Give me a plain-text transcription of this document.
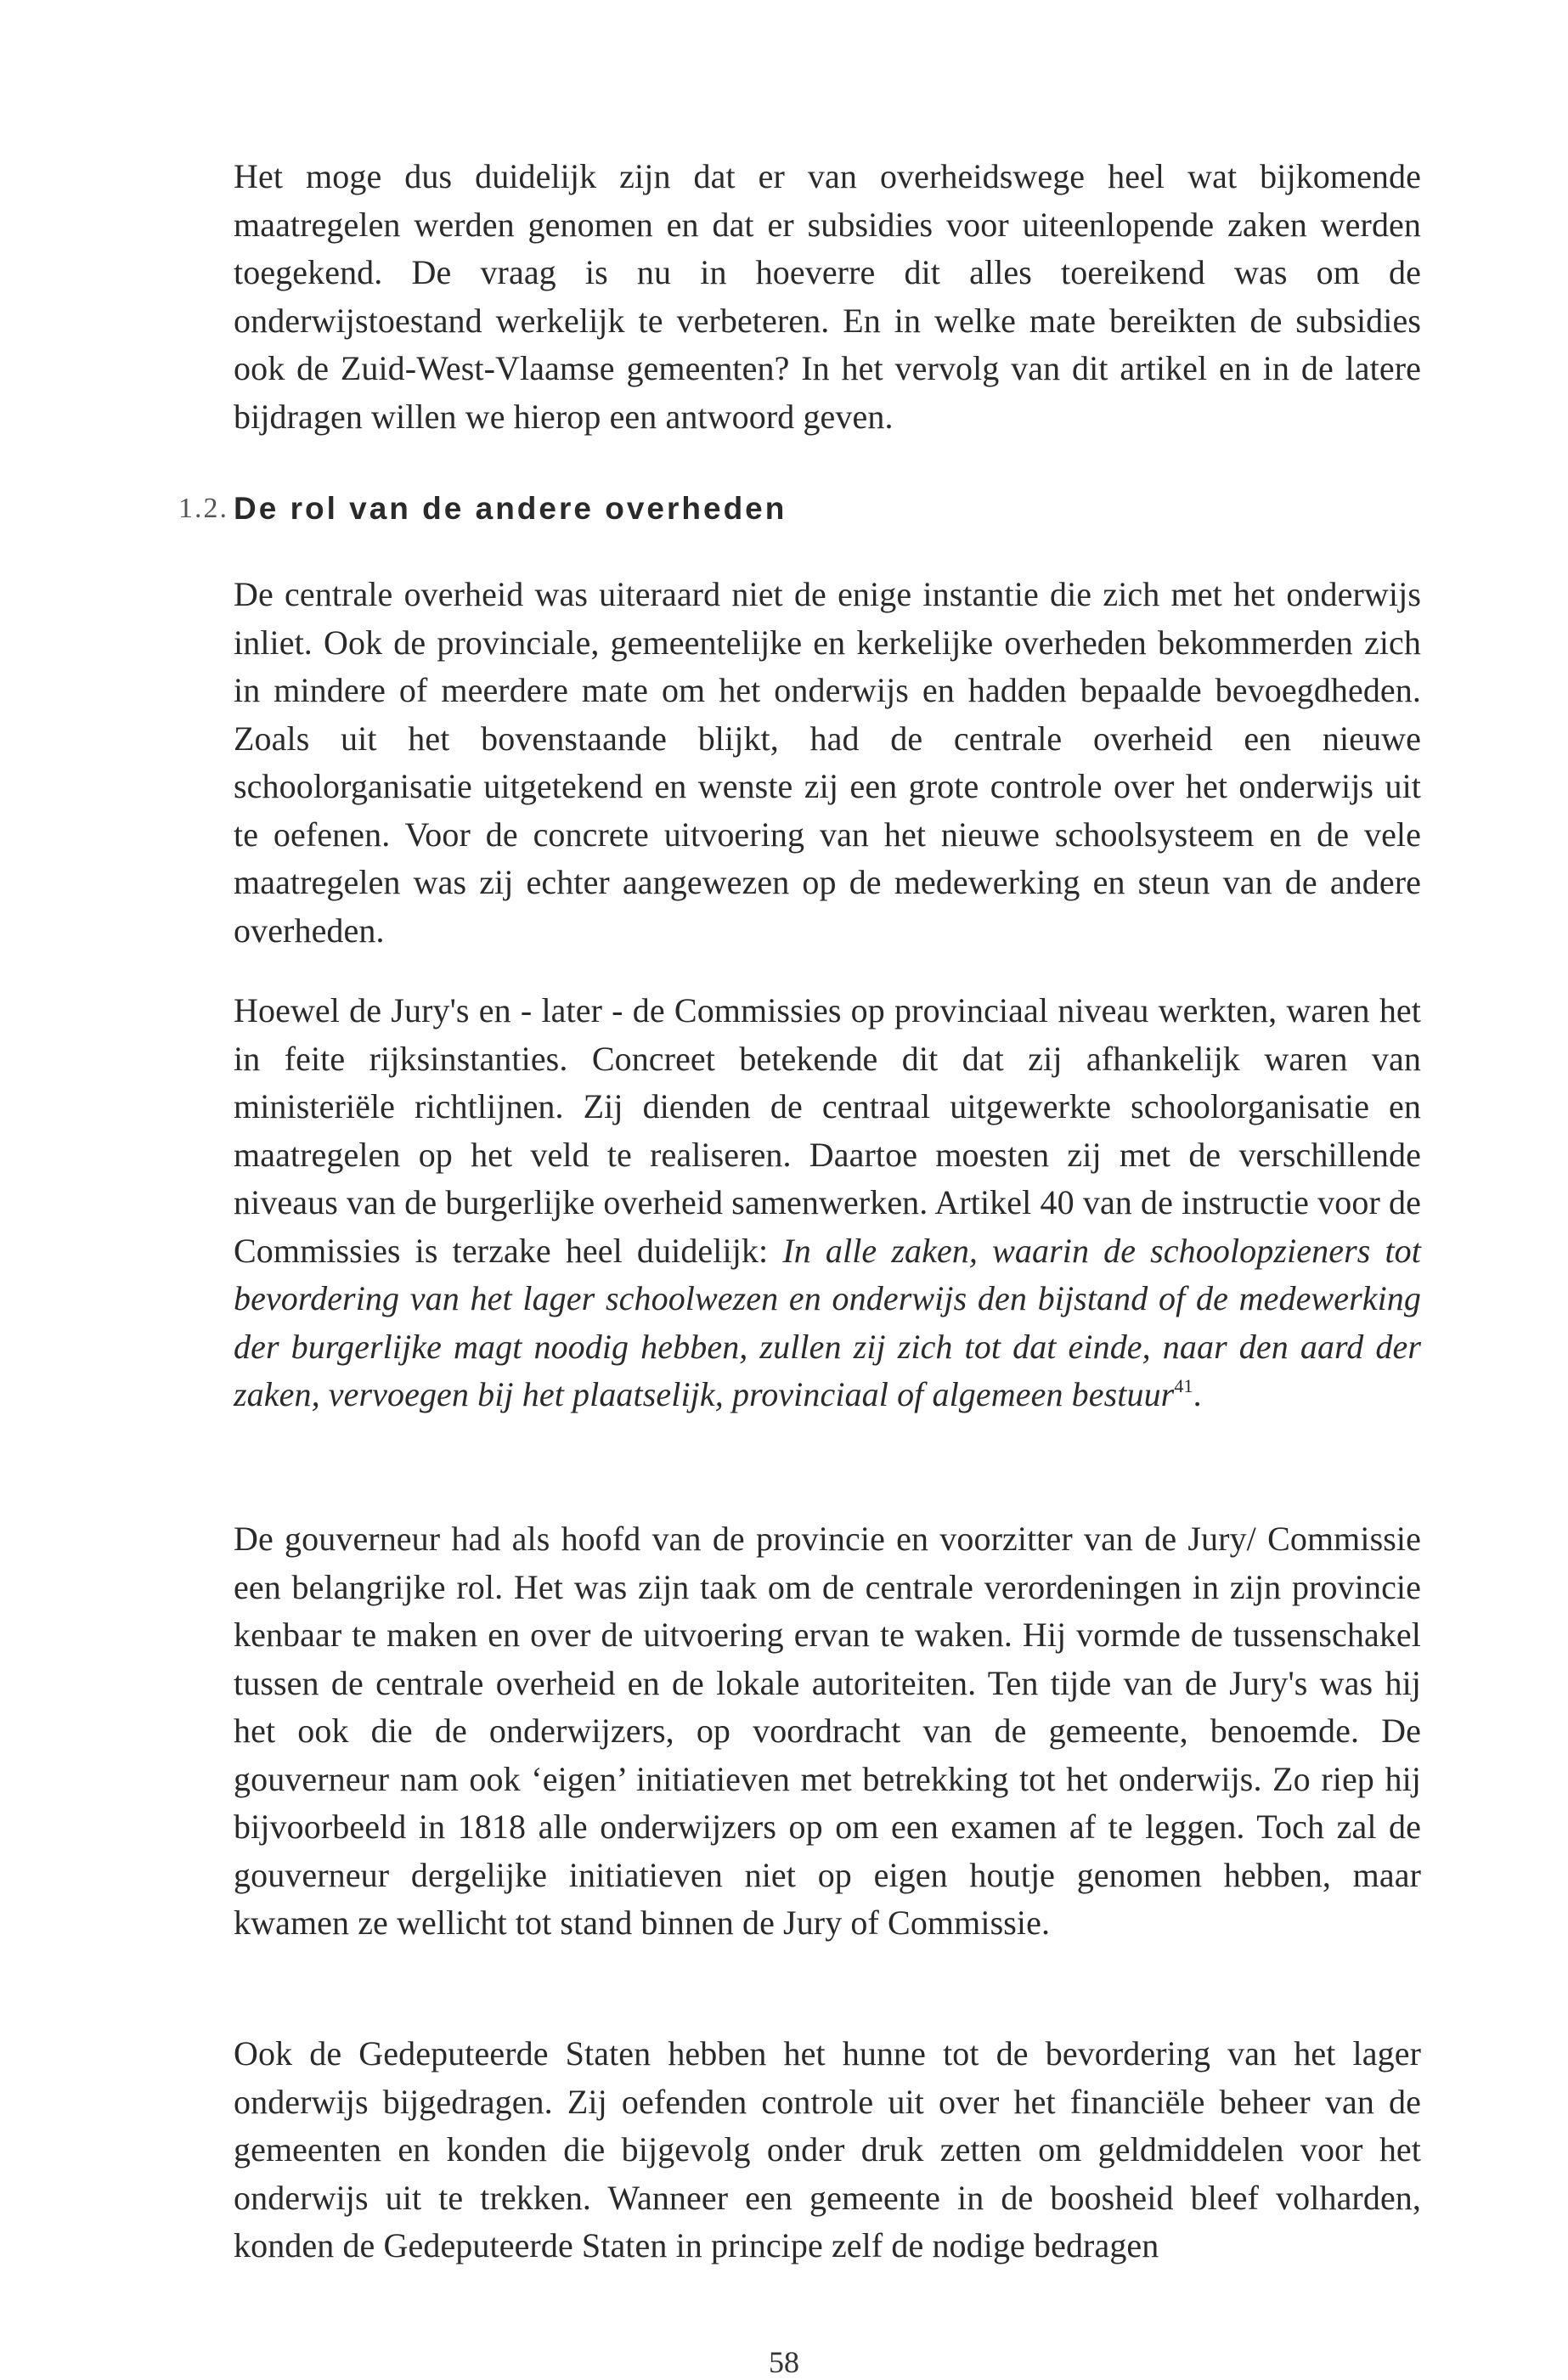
Het moge dus duidelijk zijn dat er van overheidswege heel wat bijkomende maatregelen werden genomen en dat er subsidies voor uiteenlopende zaken werden toegekend. De vraag is nu in hoeverre dit alles toereikend was om de onderwijstoestand werkelijk te verbeteren. En in welke mate bereikten de subsidies ook de Zuid-West-Vlaamse gemeenten? In het vervolg van dit artikel en in de latere bijdragen willen we hierop een antwoord geven.

1.2. De rol van de andere overheden

De centrale overheid was uiteraard niet de enige instantie die zich met het onderwijs inliet. Ook de provinciale, gemeentelijke en kerkelijke overheden bekommerden zich in mindere of meerdere mate om het onderwijs en hadden bepaalde bevoegdheden. Zoals uit het bovenstaande blijkt, had de centrale overheid een nieuwe schoolorganisatie uitgetekend en wenste zij een grote controle over het onderwijs uit te oefenen. Voor de concrete uitvoering van het nieuwe schoolsysteem en de vele maatregelen was zij echter aangewezen op de medewerking en steun van de andere overheden.

Hoewel de Jury's en - later - de Commissies op provinciaal niveau werkten, waren het in feite rijksinstanties. Concreet betekende dit dat zij afhankelijk waren van ministeriële richtlijnen. Zij dienden de centraal uitgewerkte schoolorganisatie en maatregelen op het veld te realiseren. Daartoe moesten zij met de verschillende niveaus van de burgerlijke overheid samenwerken. Artikel 40 van de instructie voor de Commissies is terzake heel duidelijk: In alle zaken, waarin de schoolopzieners tot bevordering van het lager schoolwezen en onderwijs den bijstand of de medewerking der burgerlijke magt noodig hebben, zullen zij zich tot dat einde, naar den aard der zaken, vervoegen bij het plaatselijk, provinciaal of algemeen bestuur$^{41}$.

De gouverneur had als hoofd van de provincie en voorzitter van de Jury/ Commissie een belangrijke rol. Het was zijn taak om de centrale verordeningen in zijn provincie kenbaar te maken en over de uitvoering ervan te waken. Hij vormde de tussenschakel tussen de centrale overheid en de lokale autoriteiten. Ten tijde van de Jury's was hij het ook die de onderwijzers, op voordracht van de gemeente, benoemde. De gouverneur nam ook ‘eigen’ initiatieven met betrekking tot het onderwijs. Zo riep hij bijvoorbeeld in 1818 alle onderwijzers op om een examen af te leggen. Toch zal de gouverneur dergelijke initiatieven niet op eigen houtje genomen hebben, maar kwamen ze wellicht tot stand binnen de Jury of Commissie.

Ook de Gedeputeerde Staten hebben het hunne tot de bevordering van het lager onderwijs bijgedragen. Zij oefenden controle uit over het financiële beheer van de gemeenten en konden die bijgevolg onder druk zetten om geldmiddelen voor het onderwijs uit te trekken. Wanneer een gemeente in de boosheid bleef volharden, konden de Gedeputeerde Staten in principe zelf de nodige bedragen

58
